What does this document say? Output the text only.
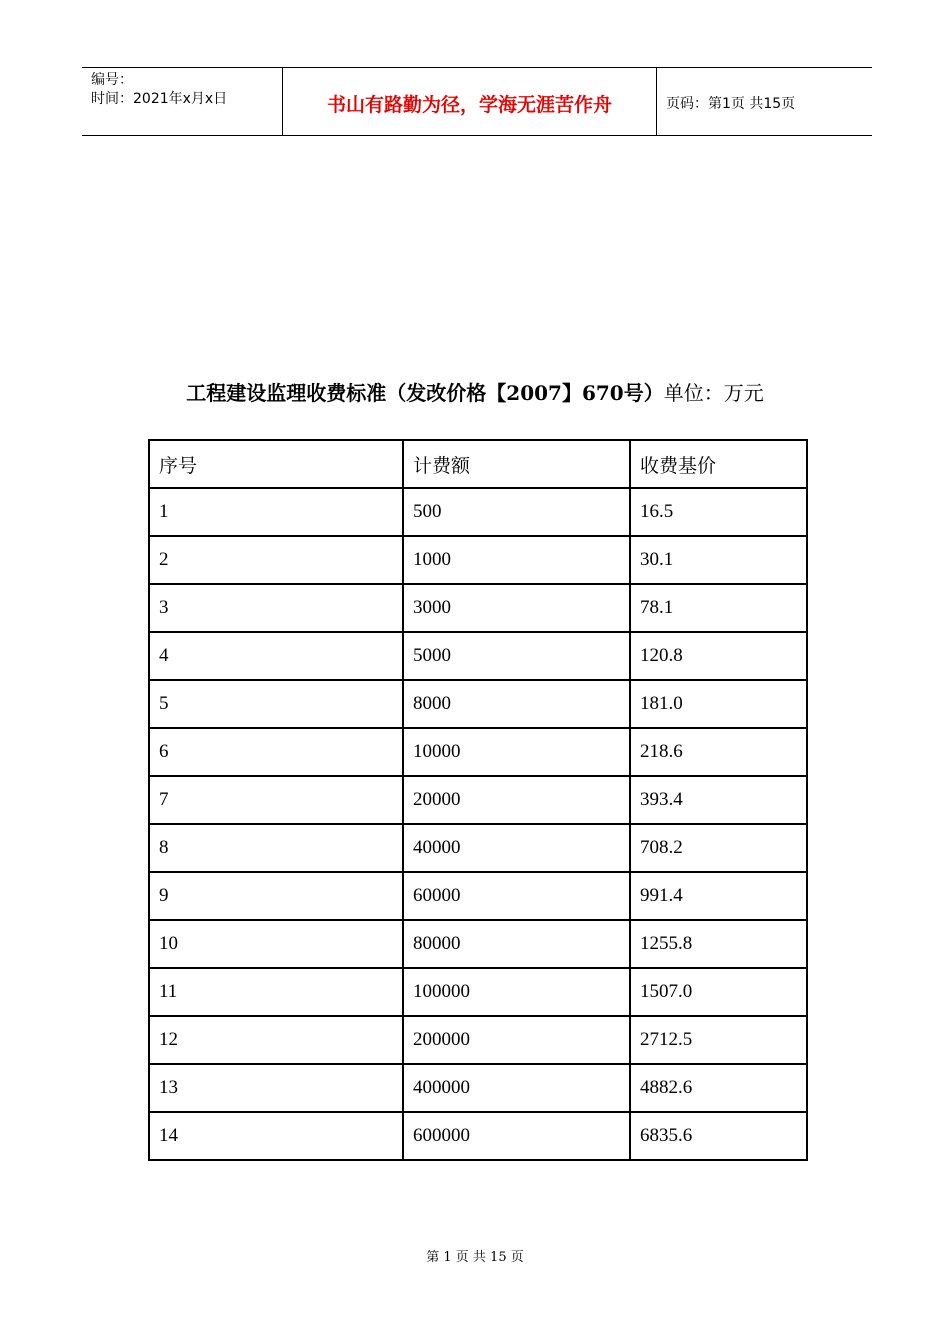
编号：
时间：2021年x月x日	书山有路勤为径，学海无涯苦作舟	页码：第1页 共15页
工程建设监理收费标准（发改价格【2007】670号）单位：万元
序号	计费额	收费基价
1	500	16.5
2	1000	30.1
3	3000	78.1
4	5000	120.8
5	8000	181.0
6	10000	218.6
7	20000	393.4
8	40000	708.2
9	60000	991.4
10	80000	1255.8
11	100000	1507.0
12	200000	2712.5
13	400000	4882.6
14	600000	6835.6
第 1 页 共 15 页
